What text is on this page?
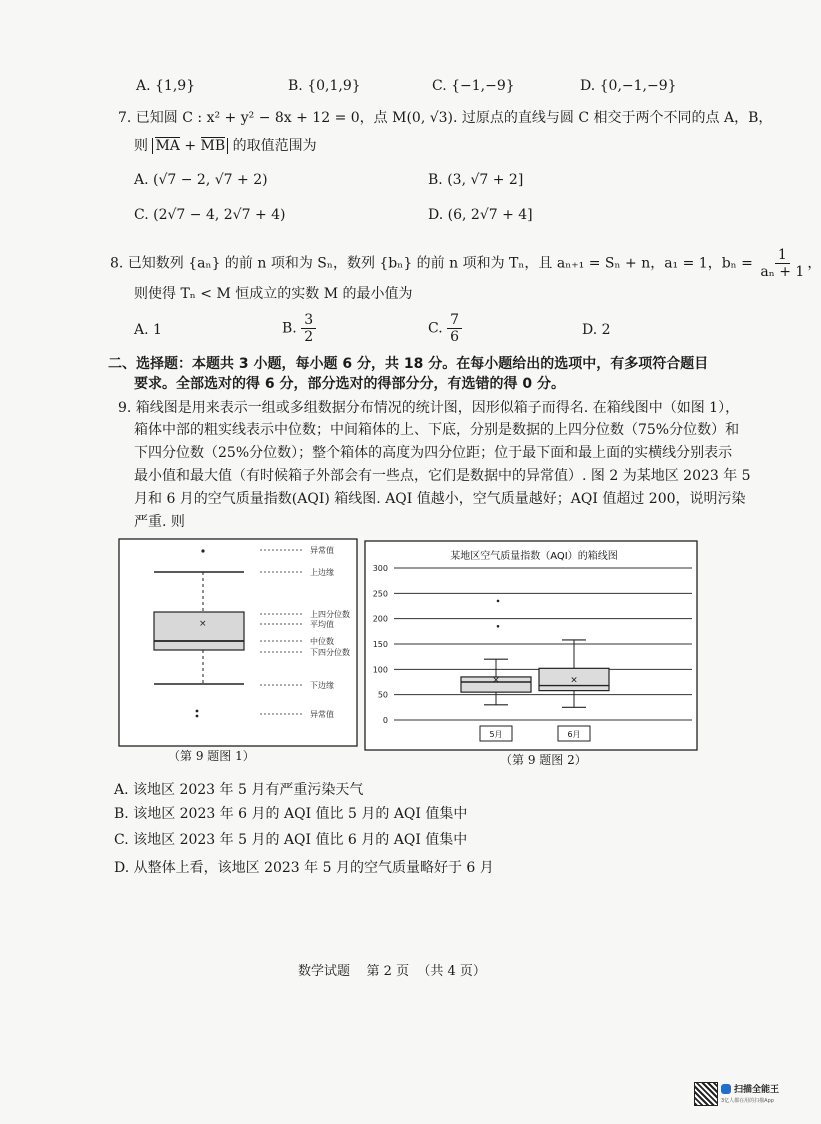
A. {1,9}	B. {0,1,9}	C. {−1,−9}	D. {0,−1,−9}
7. 已知圆 C : x² + y² − 8x + 12 = 0，点 M(0, √3). 过原点的直线与圆 C 相交于两个不同的点 A，B，
则 MA + MB 的取值范围为
A. (√7 − 2, √7 + 2)	B. (3, √7 + 2]
C. (2√7 − 4, 2√7 + 4)	D. (6, 2√7 + 4]
8. 已知数列 {aₙ} 的前 n 项和为 Sₙ，数列 {bₙ} 的前 n 项和为 Tₙ，且 aₙ₊₁ = Sₙ + n，a₁ = 1，$b_n = \frac{1}{\text{aₙ + 1}}$ ，
则使得 Tₙ < M 恒成立的实数 M 的最小值为
A. 1	B. $\frac{3}{2}$	C. $\frac{7}{6}$	D. 2
二、选择题：本题共 3 小题，每小题 6 分，共 18 分。在每小题给出的选项中，有多项符合题目
要求。全部选对的得 6 分，部分选对的得部分分，有选错的得 0 分。
9. 箱线图是用来表示一组或多组数据分布情况的统计图，因形似箱子而得名. 在箱线图中（如图 1），
箱体中部的粗实线表示中位数；中间箱体的上、下底，分别是数据的上四分位数（75%分位数）和
下四分位数（25%分位数）；整个箱体的高度为四分位距；位于最下面和最上面的实横线分别表示
最小值和最大值（有时候箱子外部会有一些点，它们是数据中的异常值）. 图 2 为某地区 2023 年 5
月和 6 月的空气质量指数(AQI) 箱线图. AQI 值越小，空气质量越好；AQI 值超过 200，说明污染
严重. 则
×
异常值
上边缘
上四分位数
平均值
中位数
下四分位数
下边缘
异常值
（第 9 题图 1）
某地区空气质量指数（AQI）的箱线图
0
50
100
150
200
250
300
×	×
5月	6月
（第 9 题图 2）
A. 该地区 2023 年 5 月有严重污染天气
B. 该地区 2023 年 6 月的 AQI 值比 5 月的 AQI 值集中
C. 该地区 2023 年 5 月的 AQI 值比 6 月的 AQI 值集中
D. 从整体上看，该地区 2023 年 5 月的空气质量略好于 6 月
数学试题    第 2 页  （共 4 页）
扫描全能王
3亿人都在用的扫描App
